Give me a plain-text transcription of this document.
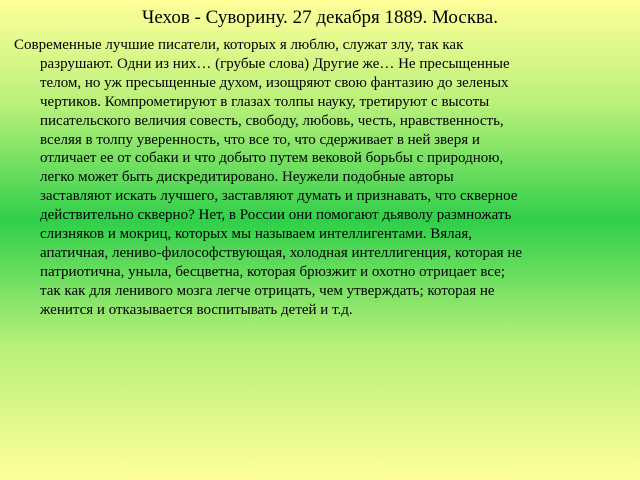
Чехов - Суворину. 27 декабря 1889. Москва.
Современные лучшие писатели, которых я люблю, служат злу, так как
разрушают. Одни из них… (грубые слова) Другие же… Не пресыщенные
телом, но уж пресыщенные духом, изощряют свою фантазию до зеленых
чертиков. Компрометируют в глазах толпы науку, третируют с высоты
писательского величия совесть, свободу, любовь, честь, нравственность,
вселяя в толпу уверенность, что все то, что сдерживает в ней зверя и
отличает ее от собаки и что добыто путем вековой борьбы с природною,
легко может быть дискредитировано. Неужели подобные авторы
заставляют искать лучшего, заставляют думать и признавать, что скверное
действительно скверно? Нет, в России они помогают дьяволу размножать
слизняков и мокриц, которых мы называем интеллигентами. Вялая,
апатичная, лениво-философствующая, холодная интеллигенция, которая не
патриотична, уныла, бесцветна, которая брюзжит и охотно отрицает все;
так как для ленивого мозга легче отрицать, чем утверждать; которая не
женится и отказывается воспитывать детей и т.д.
